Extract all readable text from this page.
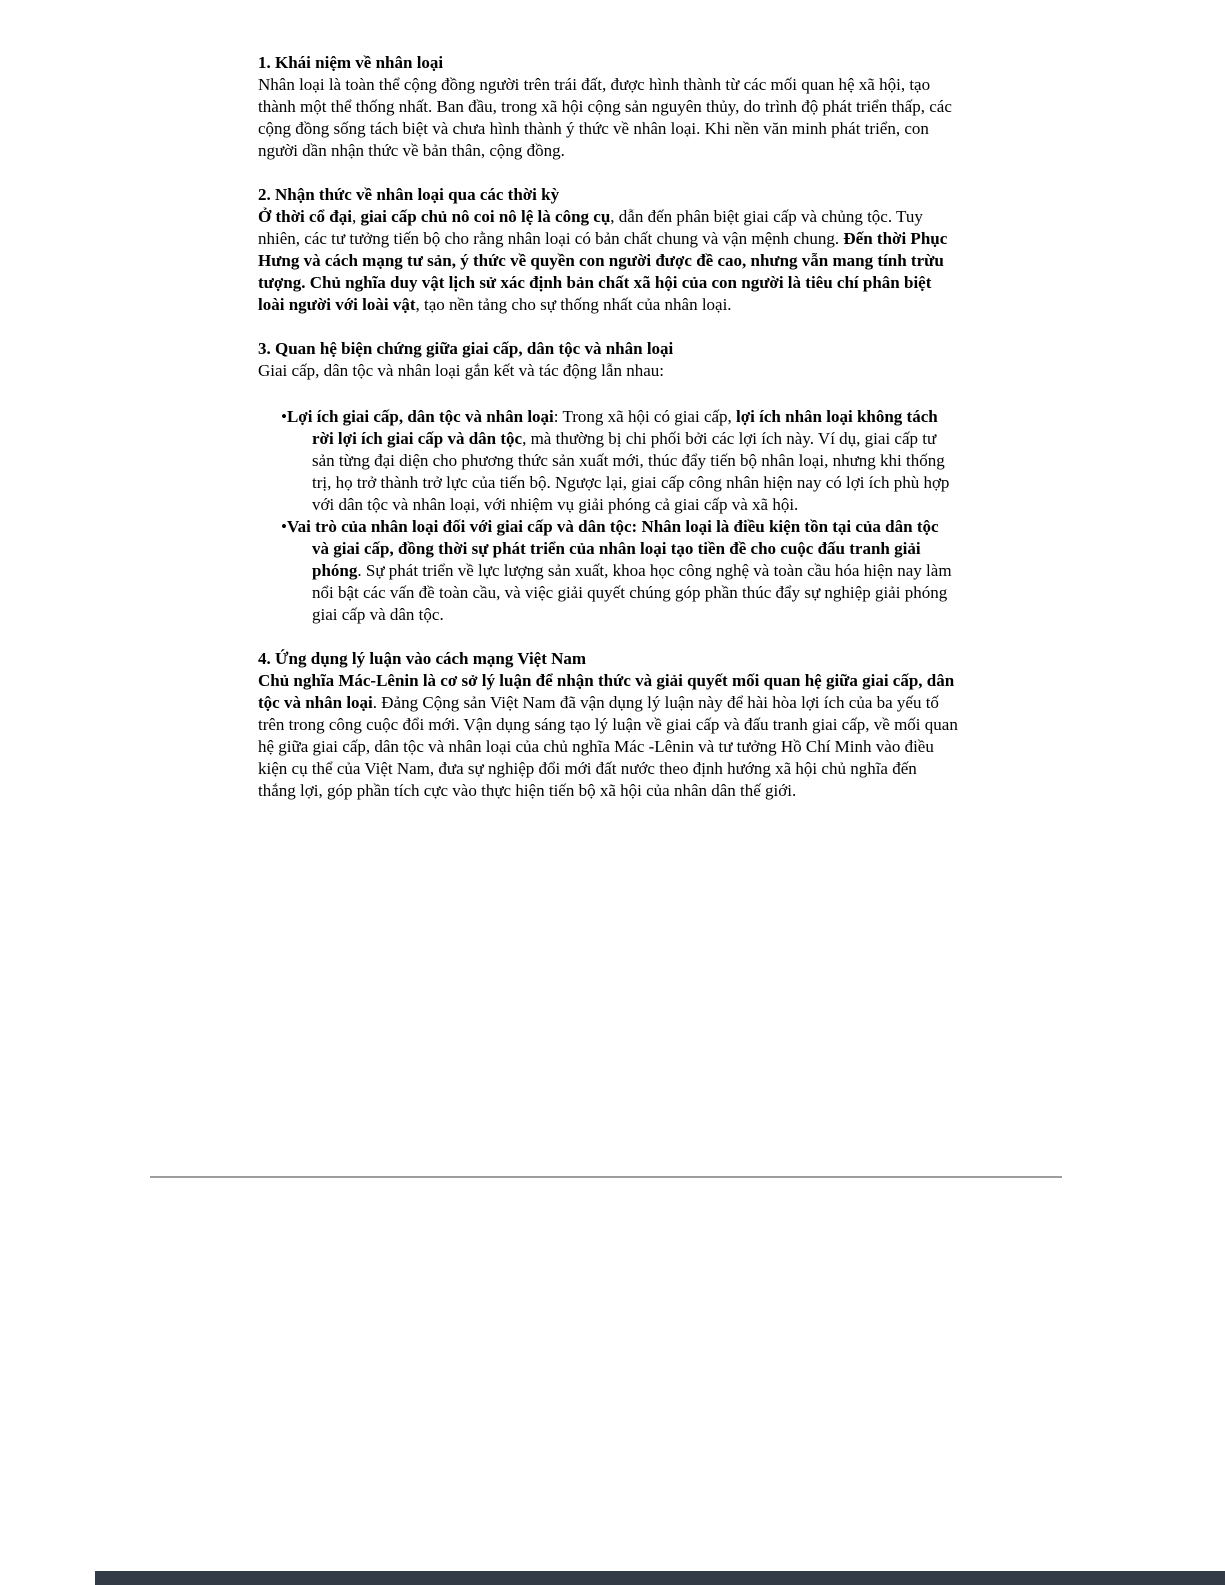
1. Khái niệm về nhân loại

Nhân loại là toàn thể cộng đồng người trên trái đất, được hình thành từ các mối quan hệ xã hội, tạo thành một thể thống nhất. Ban đầu, trong xã hội cộng sản nguyên thủy, do trình độ phát triển thấp, các cộng đồng sống tách biệt và chưa hình thành ý thức về nhân loại. Khi nền văn minh phát triển, con người dần nhận thức về bản thân, cộng đồng.

2. Nhận thức về nhân loại qua các thời kỳ

Ở thời cổ đại, giai cấp chủ nô coi nô lệ là công cụ, dẫn đến phân biệt giai cấp và chủng tộc. Tuy nhiên, các tư tưởng tiến bộ cho rằng nhân loại có bản chất chung và vận mệnh chung. Đến thời Phục Hưng và cách mạng tư sản, ý thức về quyền con người được đề cao, nhưng vẫn mang tính trừu tượng. Chủ nghĩa duy vật lịch sử xác định bản chất xã hội của con người là tiêu chí phân biệt loài người với loài vật, tạo nền tảng cho sự thống nhất của nhân loại.

3. Quan hệ biện chứng giữa giai cấp, dân tộc và nhân loại

Giai cấp, dân tộc và nhân loại gắn kết và tác động lẫn nhau:

•Lợi ích giai cấp, dân tộc và nhân loại: Trong xã hội có giai cấp, lợi ích nhân loại không tách rời lợi ích giai cấp và dân tộc, mà thường bị chi phối bởi các lợi ích này. Ví dụ, giai cấp tư sản từng đại diện cho phương thức sản xuất mới, thúc đẩy tiến bộ nhân loại, nhưng khi thống trị, họ trở thành trở lực của tiến bộ. Ngược lại, giai cấp công nhân hiện nay có lợi ích phù hợp với dân tộc và nhân loại, với nhiệm vụ giải phóng cả giai cấp và xã hội.
•Vai trò của nhân loại đối với giai cấp và dân tộc: Nhân loại là điều kiện tồn tại của dân tộc và giai cấp, đồng thời sự phát triển của nhân loại tạo tiền đề cho cuộc đấu tranh giải phóng. Sự phát triển về lực lượng sản xuất, khoa học công nghệ và toàn cầu hóa hiện nay làm nổi bật các vấn đề toàn cầu, và việc giải quyết chúng góp phần thúc đẩy sự nghiệp giải phóng giai cấp và dân tộc.
4. Ứng dụng lý luận vào cách mạng Việt Nam

Chủ nghĩa Mác-Lênin là cơ sở lý luận để nhận thức và giải quyết mối quan hệ giữa giai cấp, dân tộc và nhân loại. Đảng Cộng sản Việt Nam đã vận dụng lý luận này để hài hòa lợi ích của ba yếu tố trên trong công cuộc đổi mới. Vận dụng sáng tạo lý luận về giai cấp và đấu tranh giai cấp, về mối quan hệ giữa giai cấp, dân tộc và nhân loại của chủ nghĩa Mác -Lênin và tư tưởng Hồ Chí Minh vào điều kiện cụ thể của Việt Nam, đưa sự nghiệp đổi mới đất nước theo định hướng xã hội chủ nghĩa đến thắng lợi, góp phần tích cực vào thực hiện tiến bộ xã hội của nhân dân thế giới.
